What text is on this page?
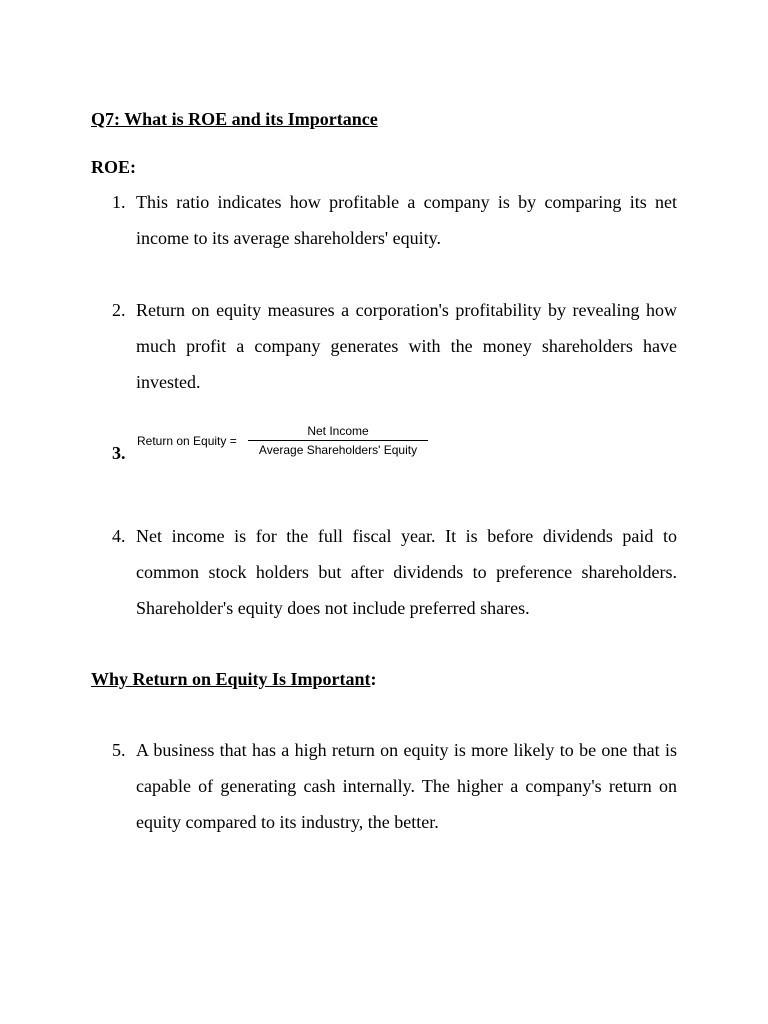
Q7: What is ROE and its Importance
ROE:
1. This ratio indicates how profitable a company is by comparing its net income to its average shareholders' equity.
2. Return on equity measures a corporation's profitability by revealing how much profit a company generates with the money shareholders have invested.
3.
Return on Equity =
Net Income
Average Shareholders' Equity
4. Net income is for the full fiscal year. It is before dividends paid to common stock holders but after dividends to preference shareholders. Shareholder's equity does not include preferred shares.
Why Return on Equity Is Important:
5. A business that has a high return on equity is more likely to be one that is capable of generating cash internally. The higher a company's return on equity compared to its industry, the better.
